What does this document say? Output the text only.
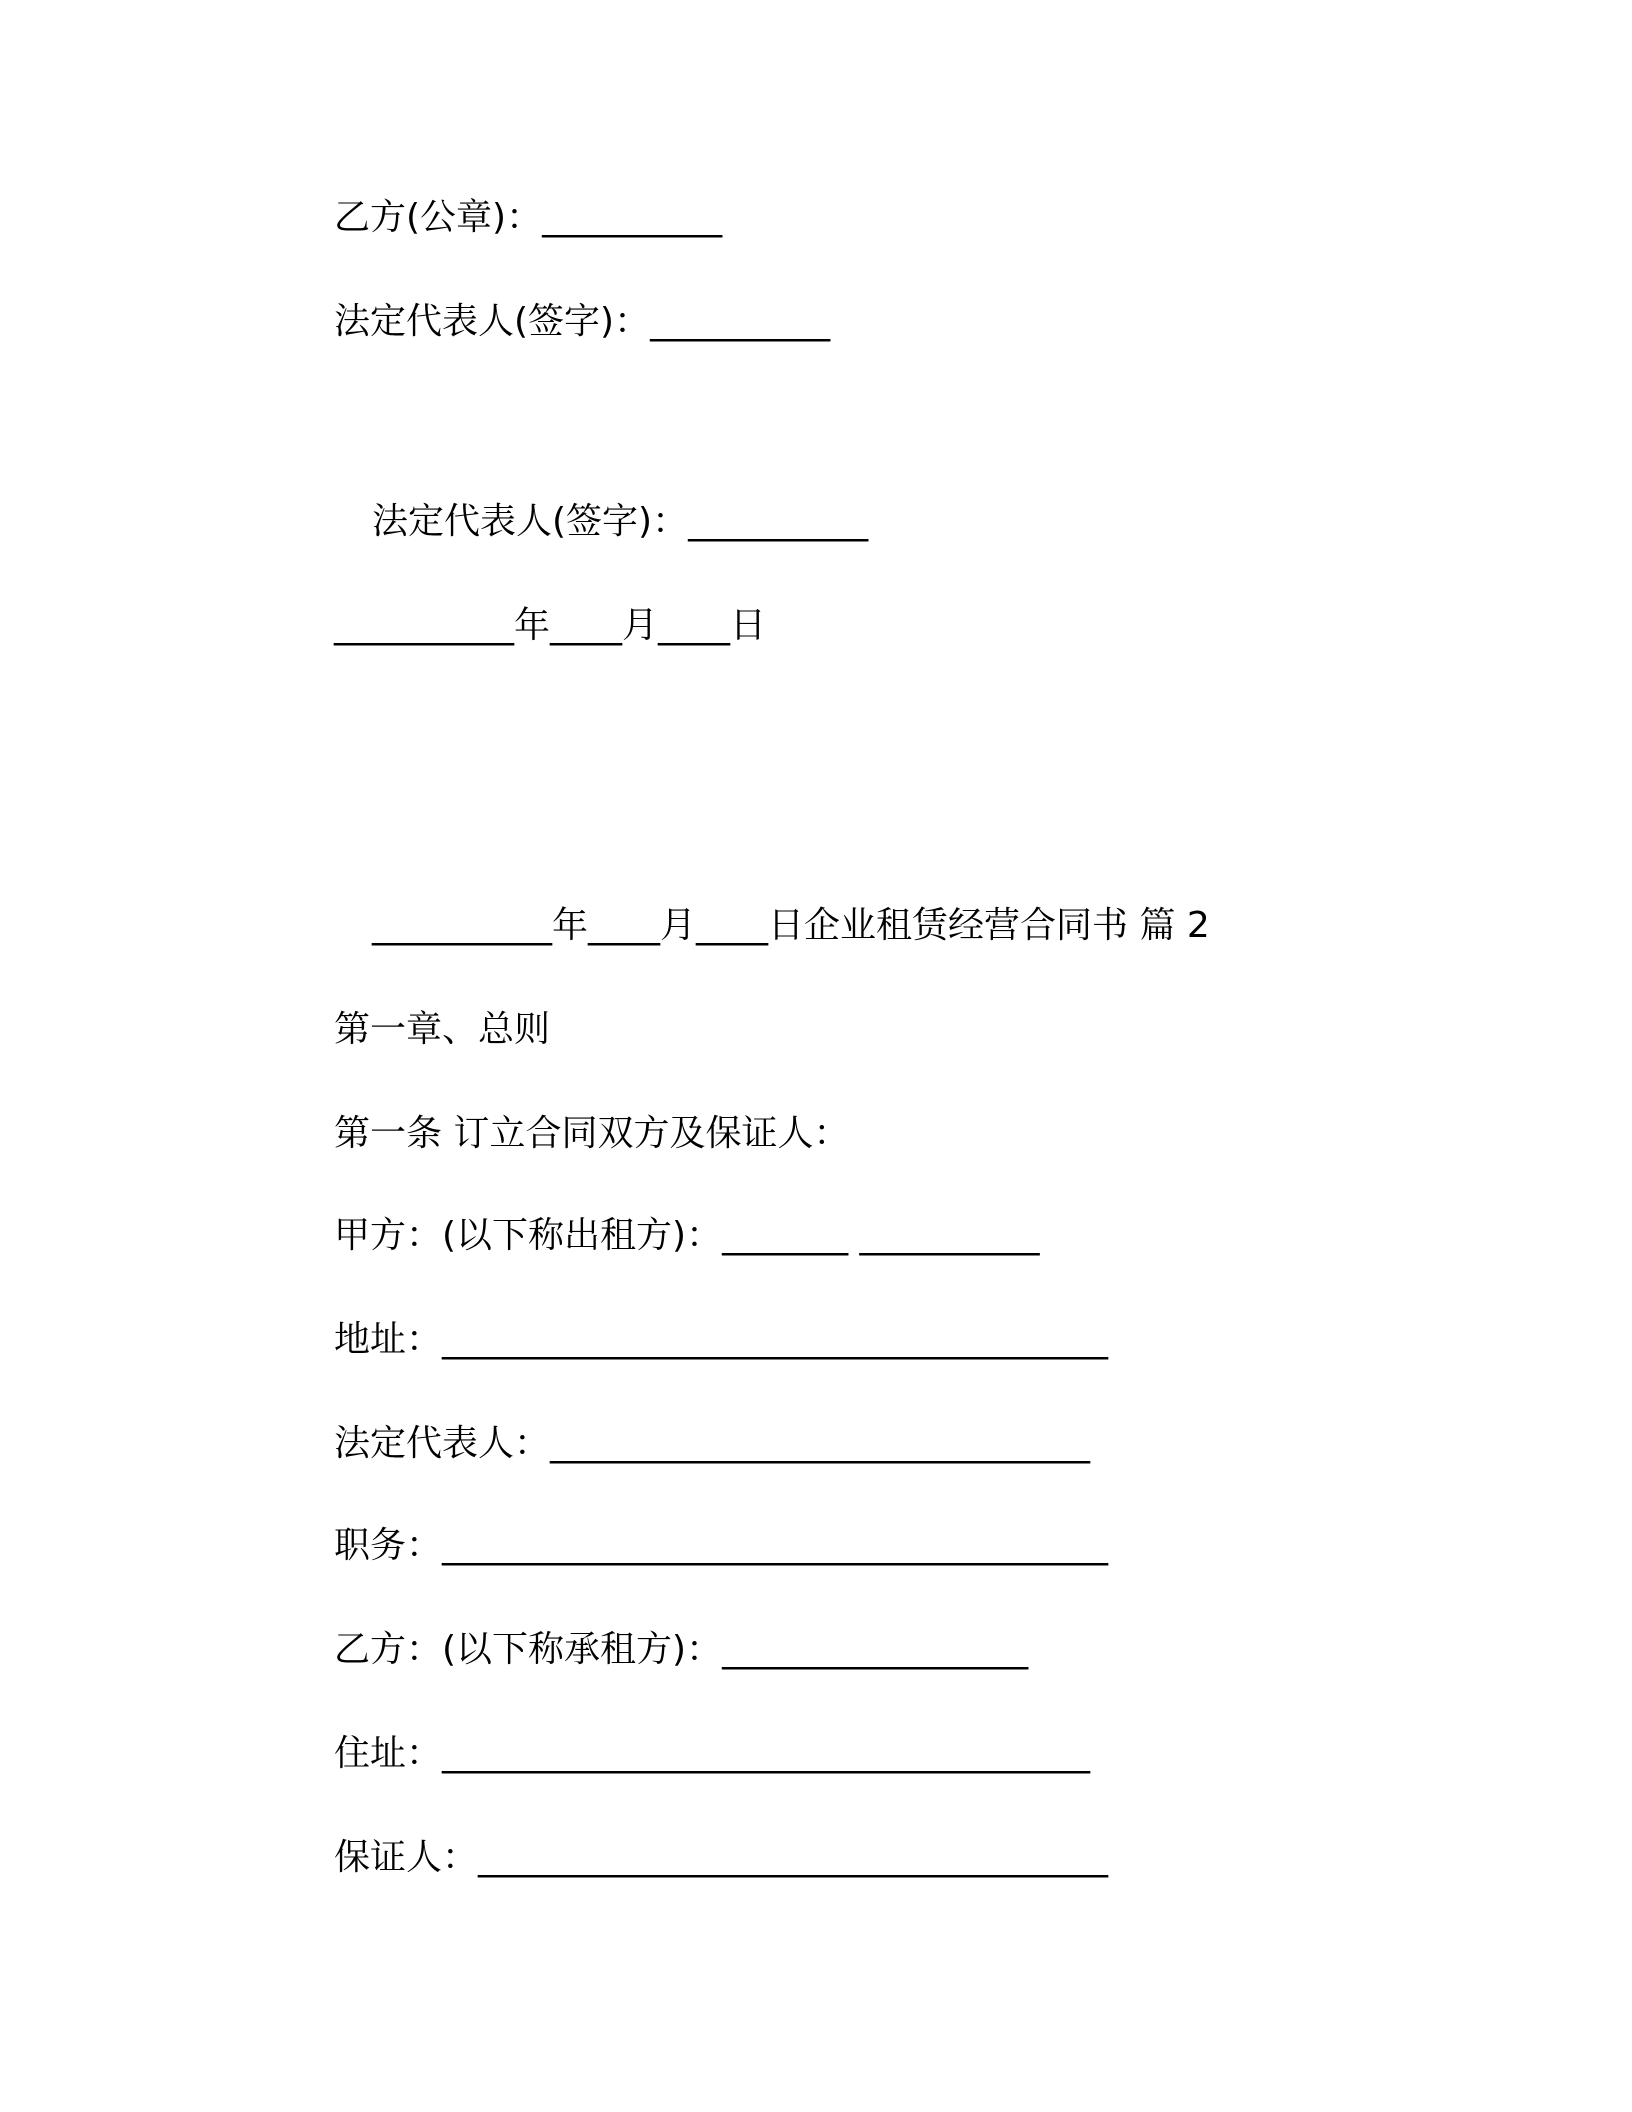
乙方(公章)：__________
法定代表人(签字)：__________
法定代表人(签字)：__________
__________年____月____日
__________年____月____日企业租赁经营合同书 篇 2
第一章、总则
第一条 订立合同双方及保证人：
甲方：(以下称出租方)：_______ __________
地址：_____________________________________
法定代表人：______________________________
职务：_____________________________________
乙方：(以下称承租方)：_________________
住址：____________________________________
保证人：___________________________________
